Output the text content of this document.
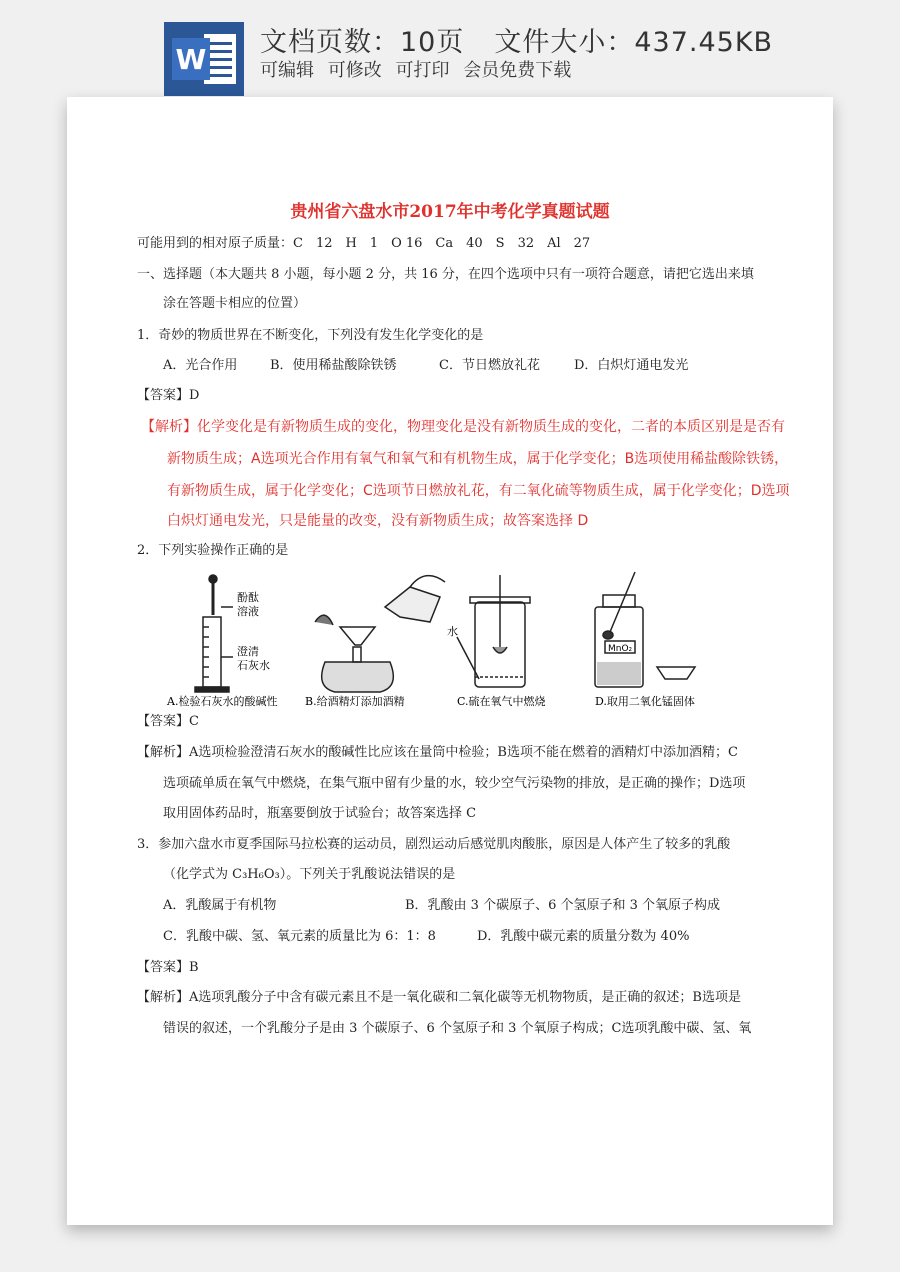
W
文档页数：10页 文件大小：437.45KB
可编辑 可修改 可打印 会员免费下载
贵州省六盘水市2017年中考化学真题试题
可能用到的相对原子质量：C　12　H　1　O 16　Ca　40　S　32　Al　27
一、选择题（本大题共 8 小题，每小题 2 分，共 16 分，在四个选项中只有一项符合题意，请把它选出来填
涂在答题卡相应的位置）
1．奇妙的物质世界在不断变化，下列没有发生化学变化的是
A．光合作用	B．使用稀盐酸除铁锈	C．节日燃放礼花	D．白炽灯通电发光
【答案】D
【解析】化学变化是有新物质生成的变化，物理变化是没有新物质生成的变化，二者的本质区别是是否有
新物质生成；A选项光合作用有氧气和氧气和有机物生成，属于化学变化；B选项使用稀盐酸除铁锈，
有新物质生成，属于化学变化；C选项节日燃放礼花，有二氧化硫等物质生成，属于化学变化；D选项
白炽灯通电发光，只是能量的改变，没有新物质生成；故答案选择 D
2．下列实验操作正确的是
酚酞
溶液
澄清
石灰水
水
MnO₂
A.检验石灰水的酸碱性	B.给酒精灯添加酒精	C.硫在氧气中燃烧	D.取用二氧化锰固体
【答案】C
【解析】A选项检验澄清石灰水的酸碱性比应该在量筒中检验；B选项不能在燃着的酒精灯中添加酒精；C
选项硫单质在氧气中燃烧，在集气瓶中留有少量的水，较少空气污染物的排放，是正确的操作；D选项
取用固体药品时，瓶塞要倒放于试验台；故答案选择 C
3．参加六盘水市夏季国际马拉松赛的运动员，剧烈运动后感觉肌肉酸胀，原因是人体产生了较多的乳酸
（化学式为 C₃H₆O₃）。下列关于乳酸说法错误的是
A．乳酸属于有机物	B．乳酸由 3 个碳原子、6 个氢原子和 3 个氧原子构成
C．乳酸中碳、氢、氧元素的质量比为 6：1：8	D．乳酸中碳元素的质量分数为 40%
【答案】B
【解析】A选项乳酸分子中含有碳元素且不是一氧化碳和二氧化碳等无机物物质，是正确的叙述；B选项是
错误的叙述，一个乳酸分子是由 3 个碳原子、6 个氢原子和 3 个氧原子构成；C选项乳酸中碳、氢、氧
